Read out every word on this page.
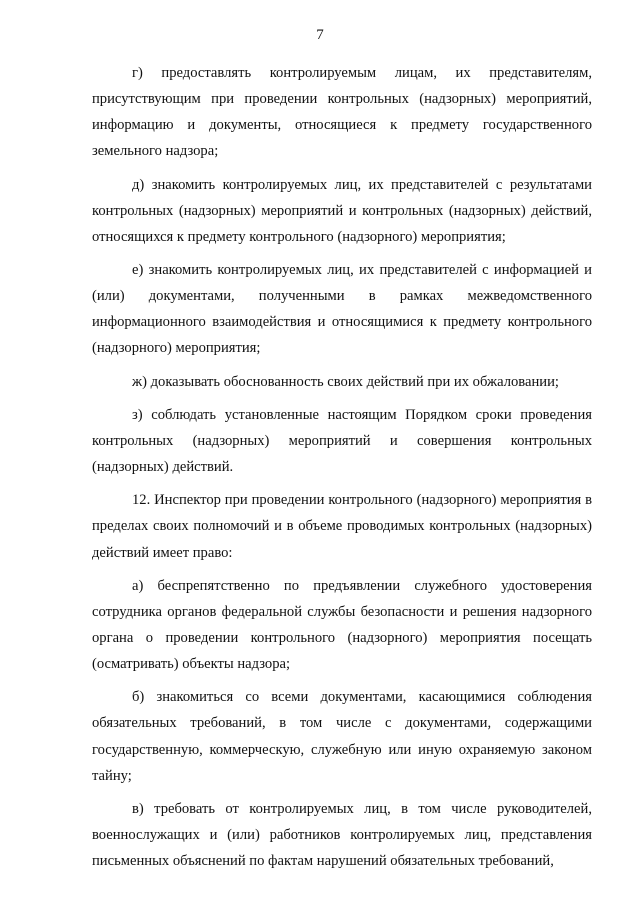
7

г) предоставлять контролируемым лицам, их представителям, присутствующим при проведении контрольных (надзорных) мероприятий, информацию и документы, относящиеся к предмету государственного земельного надзора;

д) знакомить контролируемых лиц, их представителей с результатами контрольных (надзорных) мероприятий и контрольных (надзорных) действий, относящихся к предмету контрольного (надзорного) мероприятия;

е) знакомить контролируемых лиц, их представителей с информацией и (или) документами, полученными в рамках межведомственного информационного взаимодействия и относящимися к предмету контрольного (надзорного) мероприятия;

ж) доказывать обоснованность своих действий при их обжаловании;

з) соблюдать установленные настоящим Порядком сроки проведения контрольных (надзорных) мероприятий и совершения контрольных (надзорных) действий.

12. Инспектор при проведении контрольного (надзорного) мероприятия в пределах своих полномочий и в объеме проводимых контрольных (надзорных) действий имеет право:

а) беспрепятственно по предъявлении служебного удостоверения сотрудника органов федеральной службы безопасности и решения надзорного органа о проведении контрольного (надзорного) мероприятия посещать (осматривать) объекты надзора;

б) знакомиться со всеми документами, касающимися соблюдения обязательных требований, в том числе с документами, содержащими государственную, коммерческую, служебную или иную охраняемую законом тайну;

в) требовать от контролируемых лиц, в том числе руководителей, военнослужащих и (или) работников контролируемых лиц, представления письменных объяснений по фактам нарушений обязательных требований,
